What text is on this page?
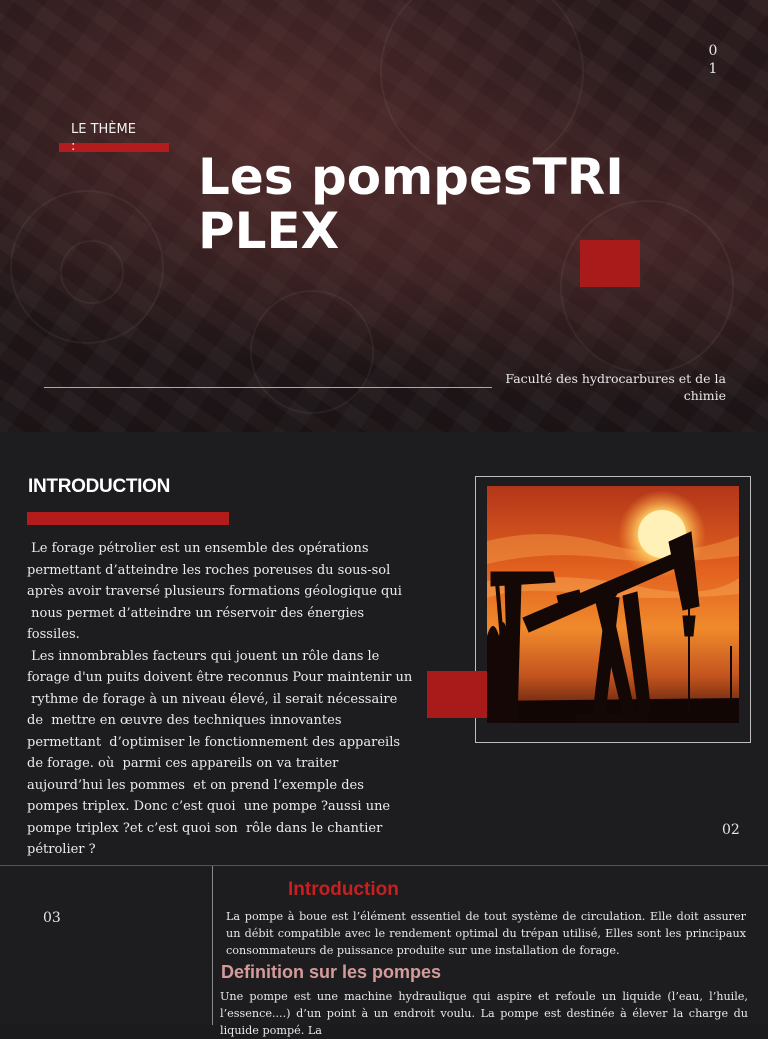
01
LE THÈME :
Les pompesTRIPLEX
Faculté des hydrocarbures et de la chimie
INTRODUCTION

Le forage pétrolier est un ensemble des opérations
permettant d’atteindre les roches poreuses du sous-sol
après avoir traversé plusieurs formations géologique qui
nous permet d’atteindre un réservoir des énergies
fossiles.
Les innombrables facteurs qui jouent un rôle dans le
forage d'un puits doivent être reconnus Pour maintenir un
rythme de forage à un niveau élevé, il serait nécessaire
de  mettre en œuvre des techniques innovantes
permettant  d’optimiser le fonctionnement des appareils
de forage. où  parmi ces appareils on va traiter
aujourd’hui les pommes  et on prend l‘exemple des
pompes triplex. Donc c’est quoi  une pompe ?aussi une
pompe triplex ?et c’est quoi son  rôle dans le chantier
pétrolier ?

02
03
Introduction

La pompe à boue est l’élément essentiel de tout système de circulation. Elle doit assurer un débit compatible avec le rendement optimal du trépan utilisé, Elles sont les principaux consommateurs de puissance produite sur une installation de forage.

Definition sur les pompes

Une pompe est une machine hydraulique qui aspire et refoule un liquide (l’eau, l’huile, l’essence....) d’un point à un endroit voulu. La pompe est destinée à élever la charge du liquide pompé. La
